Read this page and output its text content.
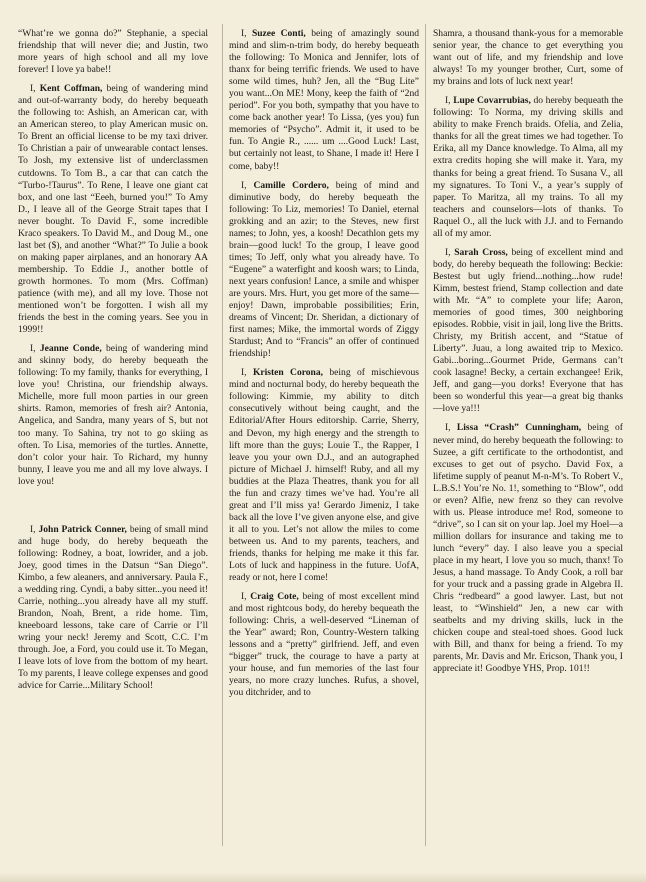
“What’re we gonna do?” Stephanie, a special friendship that will never die; and Justin, two more years of high school and all my love forever! I love ya babe!!

I, Kent Coffman, being of wandering mind and out-of-warranty body, do hereby bequeath the following to: Ashish, an American car, with an American stereo, to play American music on. To Brent an official license to be my taxi driver. To Christian a pair of unwearable contact lenses. To Josh, my extensive list of underclassmen cutdowns. To Tom B., a car that can catch the “Turbo-!Taurus”. To Rene, I leave one giant cat box, and one last “Eeeh, burned you!” To Amy D., I leave all of the George Strait tapes that I never bought. To David F., some incredible Kraco speakers. To David M., and Doug M., one last bet ($), and another “What?” To Julie a book on making paper airplanes, and an honorary AA membership. To Eddie J., another bottle of growth hormones. To mom (Mrs. Coffman) patience (with me), and all my love. Those not mentioned won’t be forgotten. I wish all my friends the best in the coming years. See you in 1999!!

I, Jeanne Conde, being of wandering mind and skinny body, do hereby bequeath the following: To my family, thanks for everything, I love you! Christina, our friendship always. Michelle, more full moon parties in our green shirts. Ramon, memories of fresh air? Antonia, Angelica, and Sandra, many years of S, but not too many. To Sahina, try not to go skiing as often. To Lisa, memories of the turtles. Annette, don’t color your hair. To Richard, my hunny bunny, I leave you me and all my love always. I love you!

I, John Patrick Conner, being of small mind and huge body, do hereby bequeath the following: Rodney, a boat, lowrider, and a job. Joey, good times in the Datsun “San Diego”. Kimbo, a few aleaners, and anniversary. Paula F., a wedding ring. Cyndi, a baby sitter...you need it! Carrie, nothing...you already have all my stuff. Brandon, Noah, Brent, a ride home. Tim, kneeboard lessons, take care of Carrie or I’ll wring your neck! Jeremy and Scott, C.C. I’m through. Joe, a Ford, you could use it. To Megan, I leave lots of love from the bottom of my heart. To my parents, I leave college expenses and good advice for Carrie...Military School!

I, Suzee Conti, being of amazingly sound mind and slim-n-trim body, do hereby bequeath the following: To Monica and Jennifer, lots of thanx for being terrific friends. We used to have some wild times, huh? Jen, all the “Bug Lite” you want...On ME! Mony, keep the faith of “2nd period”. For you both, sympathy that you have to come back another year! To Lissa, (yes you) fun memories of “Psycho”. Admit it, it used to be fun. To Angie R., ...... um ....Good Luck! Last, but certainly not least, to Shane, I made it! Here I come, baby!!

I, Camille Cordero, being of mind and diminutive body, do hereby bequeath the following: To Liz, memories! To Daniel, eternal grokking and an azir; to the Steves, new first names; to John, yes, a koosh! Decathlon gets my brain—good luck! To the group, I leave good times; To Jeff, only what you already have. To “Eugene” a waterfight and koosh wars; to Linda, next years confusion! Lance, a smile and whisper are yours. Mrs. Hurt, you get more of the same—enjoy! Dawn, improbable possibilities; Erin, dreams of Vincent; Dr. Sheridan, a dictionary of first names; Mike, the immortal words of Ziggy Stardust; And to “Francis” an offer of continued friendship!

I, Kristen Corona, being of mischievous mind and nocturnal body, do hereby bequeath the following: Kimmie, my ability to ditch consecutively without being caught, and the Editorial/After Hours editorship. Carrie, Sherry, and Devon, my high energy and the strength to lift more than the guys; Louie T., the Rapper, I leave you your own D.J., and an autographed picture of Michael J. himself! Ruby, and all my buddies at the Plaza Theatres, thank you for all the fun and crazy times we’ve had. You’re all great and I’ll miss ya! Gerardo Jimeniz, I take back all the love I’ve given anyone else, and give it all to you. Let’s not allow the miles to come between us. And to my parents, teachers, and friends, thanks for helping me make it this far. Lots of luck and happiness in the future. UofA, ready or not, here I come!

I, Craig Cote, being of most excellent mind and most rightcous body, do hereby bequeath the following: Chris, a well-deserved “Lineman of the Year” award; Ron, Country-Western talking lessons and a “pretty” girlfriend. Jeff, and even “bigger” truck, the courage to have a party at your house, and fun memories of the last four years, no more crazy lunches. Rufus, a shovel, you ditchrider, and to

Shamra, a thousand thank-yous for a memorable senior year, the chance to get everything you want out of life, and my friendship and love always! To my younger brother, Curt, some of my brains and lots of luck next year!

I, Lupe Covarrubias, do hereby bequeath the following: To Norma, my driving skills and ability to make French braids. Ofelia, and Zelia, thanks for all the great times we had together. To Erika, all my Dance knowledge. To Alma, all my extra credits hoping she will make it. Yara, my thanks for being a great friend. To Susana V., all my signatures. To Toni V., a year’s supply of paper. To Maritza, all my trains. To all my teachers and counselors—lots of thanks. To Raquel O., all the luck with J.J. and to Fernando all of my amor.

I, Sarah Cross, being of excellent mind and body, do hereby bequeath the following: Beckie: Bestest but ugly friend...nothing...how rude! Kimm, bestest friend, Stamp collection and date with Mr. “A” to complete your life; Aaron, memories of good times, 300 neighboring episodes. Robbie, visit in jail, long live the Britts. Christy, my British accent, and “Statue of Liberty”. Juau, a long awaited trip to Mexico. Gabi...boring...Gourmet Pride, Germans can’t cook lasagne! Becky, a certain exchangee! Erik, Jeff, and gang—you dorks! Everyone that has been so wonderful this year—a great big thanks—love ya!!!

I, Lissa “Crash” Cunningham, being of never mind, do hereby bequeath the following: to Suzee, a gift certificate to the orthodontist, and excuses to get out of psycho. David Fox, a lifetime supply of peanut M-n-M’s. To Robert V., L.B.S.! You’re No. 1!, something to “Blow”, odd or even? Alfie, new frenz so they can revolve with us. Please introduce me! Rod, someone to “drive”, so I can sit on your lap. Joel my Hoel—a million dollars for insurance and taking me to lunch “every” day. I also leave you a special place in my heart, I love you so much, thanx! To Jesus, a hand massage. To Andy Cook, a roll bar for your truck and a passing grade in Algebra II. Chris “redbeard” a good lawyer. Last, but not least, to “Winshield” Jen, a new car with seatbelts and my driving skills, luck in the chicken coupe and steal-toed shoes. Good luck with Bill, and thanx for being a friend. To my parents, Mr. Davis and Mr. Ericson, Thank you, I appreciate it! Goodbye YHS, Prop. 101!!
